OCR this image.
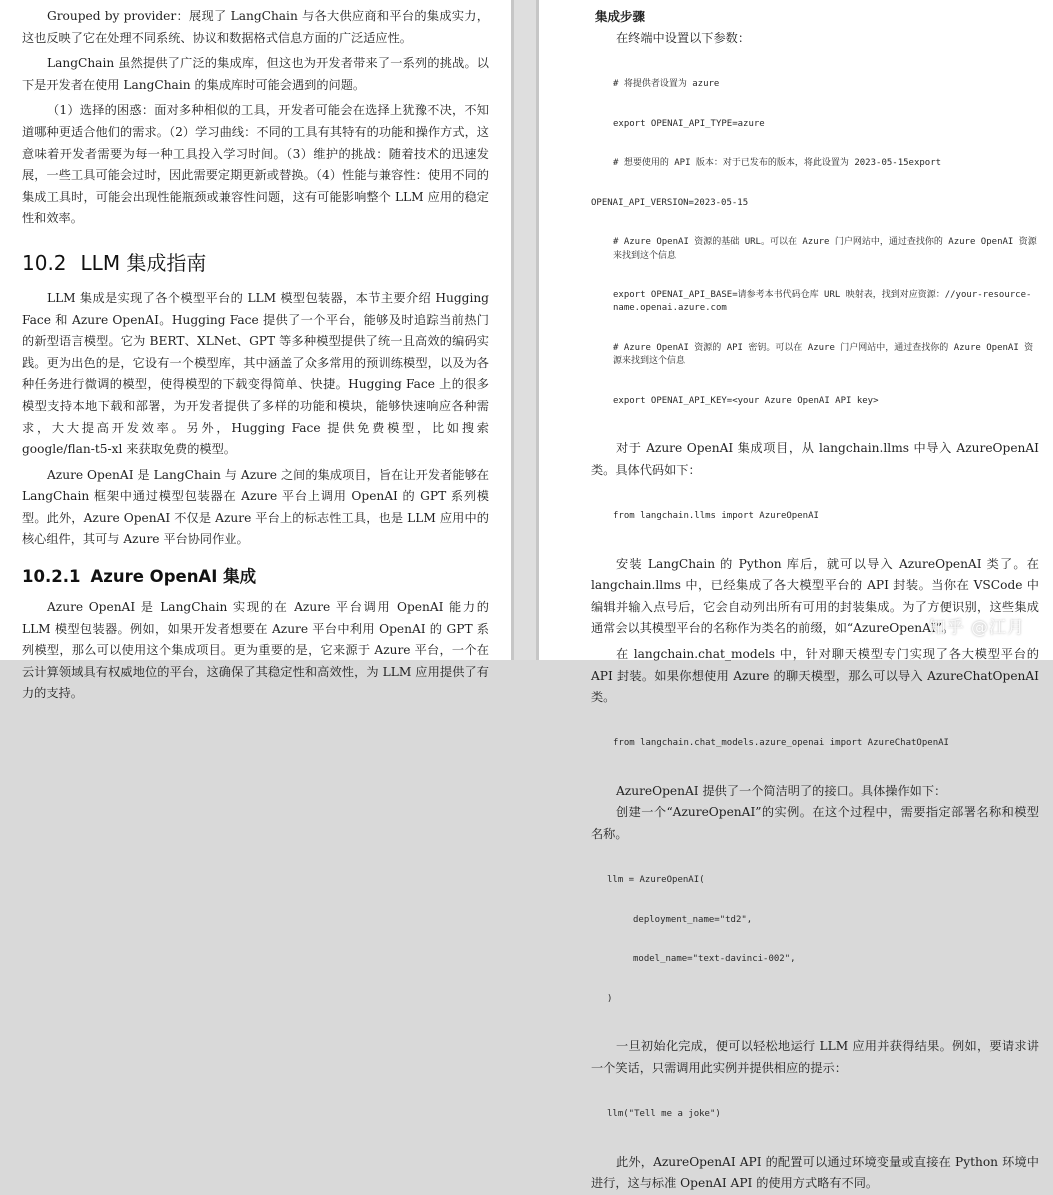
Grouped by provider：展现了 LangChain 与各大供应商和平台的集成实力，这也反映了它在处理不同系统、协议和数据格式信息方面的广泛适应性。

LangChain 虽然提供了广泛的集成库，但这也为开发者带来了一系列的挑战。以下是开发者在使用 LangChain 的集成库时可能会遇到的问题。

（1）选择的困惑：面对多种相似的工具，开发者可能会在选择上犹豫不决，不知道哪种更适合他们的需求。（2）学习曲线：不同的工具有其特有的功能和操作方式，这意味着开发者需要为每一种工具投入学习时间。（3）维护的挑战：随着技术的迅速发展，一些工具可能会过时，因此需要定期更新或替换。（4）性能与兼容性：使用不同的集成工具时，可能会出现性能瓶颈或兼容性问题，这有可能影响整个 LLM 应用的稳定性和效率。

10.2 LLM 集成指南

LLM 集成是实现了各个模型平台的 LLM 模型包装器，本节主要介绍 Hugging Face 和 Azure OpenAI。Hugging Face 提供了一个平台，能够及时追踪当前热门的新型语言模型。它为 BERT、XLNet、GPT 等多种模型提供了统一且高效的编码实践。更为出色的是，它设有一个模型库，其中涵盖了众多常用的预训练模型，以及为各种任务进行微调的模型，使得模型的下载变得简单、快捷。Hugging Face 上的很多模型支持本地下载和部署，为开发者提供了多样的功能和模块，能够快速响应各种需求，大大提高开发效率。另外，Hugging Face 提供免费模型，比如搜索 google/flan-t5-xl 来获取免费的模型。

Azure OpenAI 是 LangChain 与 Azure 之间的集成项目，旨在让开发者能够在 LangChain 框架中通过模型包装器在 Azure 平台上调用 OpenAI 的 GPT 系列模型。此外，Azure OpenAI 不仅是 Azure 平台上的标志性工具，也是 LLM 应用中的核心组件，其可与 Azure 平台协同作业。

10.2.1 Azure OpenAI 集成

Azure OpenAI 是 LangChain 实现的在 Azure 平台调用 OpenAI 能力的 LLM 模型包装器。例如，如果开发者想要在 Azure 平台中利用 OpenAI 的 GPT 系列模型，那么可以使用这个集成项目。更为重要的是，它来源于 Azure 平台，一个在云计算领域具有权威地位的平台，这确保了其稳定性和高效性，为 LLM 应用提供了有力的支持。

集成步骤

在终端中设置以下参数：

# 将提供者设置为 azure

export OPENAI_API_TYPE=azure

# 想要使用的 API 版本：对于已发布的版本，将此设置为 2023-05-15export

OPENAI_API_VERSION=2023-05-15

# Azure OpenAI 资源的基础 URL。可以在 Azure 门户网站中，通过查找你的 Azure OpenAI 资源来找到这个信息

export OPENAI_API_BASE=请参考本书代码仓库 URL 映射表，找到对应资源：//your-resource-name.openai.azure.com

# Azure OpenAI 资源的 API 密钥。可以在 Azure 门户网站中，通过查找你的 Azure OpenAI 资源来找到这个信息

export OPENAI_API_KEY=<your Azure OpenAI API key>

对于 Azure OpenAI 集成项目，从 langchain.llms 中导入 AzureOpenAI 类。具体代码如下：

from langchain.llms import AzureOpenAI

安装 LangChain 的 Python 库后，就可以导入 AzureOpenAI 类了。在 langchain.llms 中，已经集成了各大模型平台的 API 封装。当你在 VSCode 中编辑并输入点号后，它会自动列出所有可用的封装集成。为了方便识别，这些集成通常会以其模型平台的名称作为类名的前缀，如“AzureOpenAI”。

在 langchain.chat_models 中，针对聊天模型专门实现了各大模型平台的 API 封装。如果你想使用 Azure 的聊天模型，那么可以导入 AzureChatOpenAI 类。

from langchain.chat_models.azure_openai import AzureChatOpenAI

AzureOpenAI 提供了一个简洁明了的接口。具体操作如下：

创建一个“AzureOpenAI”的实例。在这个过程中，需要指定部署名称和模型名称。

llm = AzureOpenAI(

deployment_name="td2",

model_name="text-davinci-002",

)

一旦初始化完成，便可以轻松地运行 LLM 应用并获得结果。例如，要请求讲一个笑话，只需调用此实例并提供相应的提示：

llm("Tell me a joke")

此外，AzureOpenAI API 的配置可以通过环境变量或直接在 Python 环境中进行，这与标准 OpenAI API 的使用方式略有不同。

知乎 @江月
